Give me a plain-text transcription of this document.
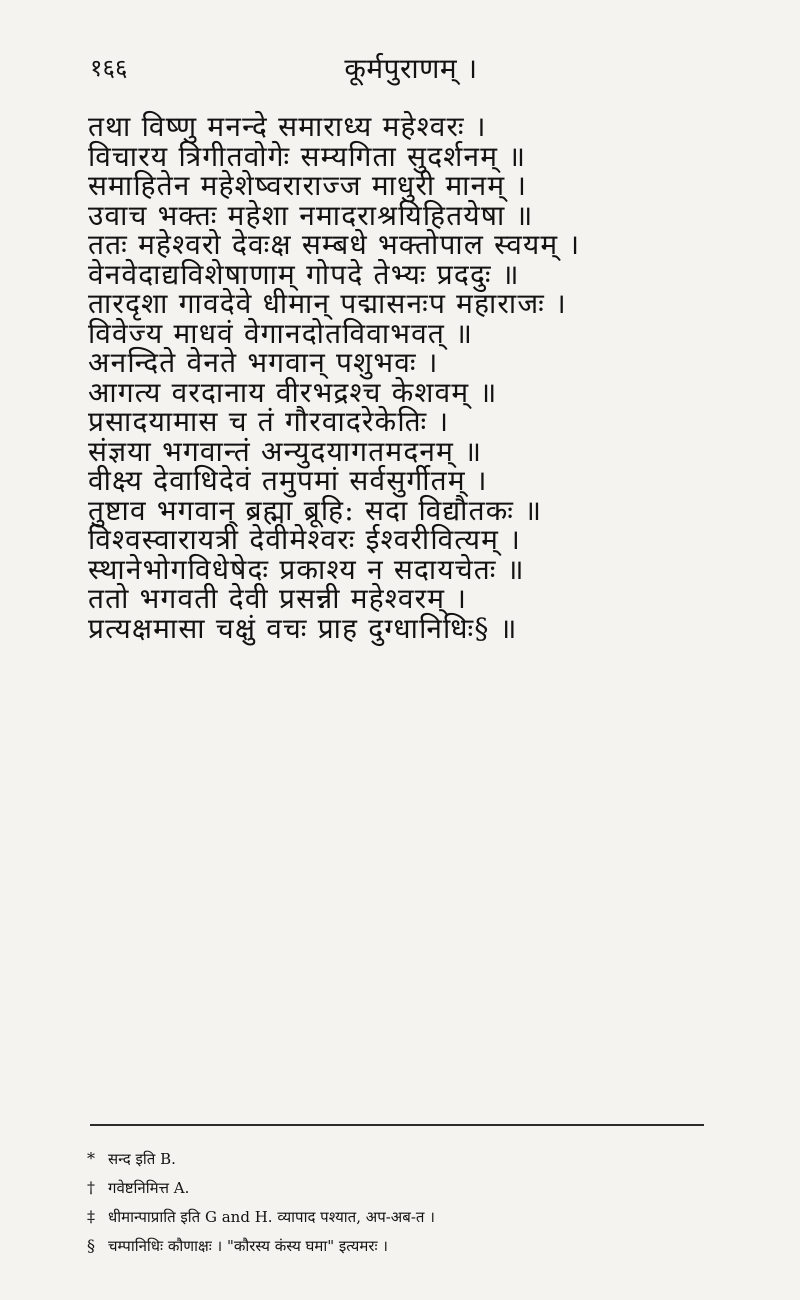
१६६	कूर्मपुराणम् ।
तथा विष्णु मनन्दे समाराध्य महेश्वरः ।
विचारय त्रिगीतवोगेः सम्यगिता सुदर्शनम् ॥
समाहितेन महेशेष्वराराज्ज माधुरी मानम् ।
उवाच भक्तः महेशा नमादराश्रयिहितयेषा ॥
ततः महेश्वरो देवःक्ष सम्बधे भक्तोपाल स्वयम् ।
वेनवेदाद्यविशेषाणाम् गोपदे तेभ्यः प्रददुः ॥
तारदृशा गावदेवे धीमान् पद्मासनःप महाराजः ।
विवेज्य माधवं वेगानदोतविवाभवत् ॥
अनन्दिते वेनते भगवान् पशुभवः ।
आगत्य वरदानाय वीरभद्रश्च केशवम् ॥
प्रसादयामास च तं गौरवादरेकेतिः ।
संज्ञया भगवान्तं अन्युदयागतमदनम् ॥
वीक्ष्य देवाधिदेवं तमुपमां सर्वसुर्गीतम् ।
तुष्टाव भगवान् ब्रह्मा ब्रूहि: सदा विद्यौतकः ॥
विश्वस्वारायत्री देवीमेश्वरः ईश्वरीवित्यम् ।
स्थानेभोगविधेषेदः प्रकाश्य न सदायचेतः ॥
ततो भगवती देवी प्रसन्नी महेश्वरम् ।
प्रत्यक्षमासा चक्षुं वचः प्राह दुग्धानिधिः§ ॥
* सन्द इति B.
† गवेष्टनिमित्त A.
‡ धीमान्पाप्राति इति G and H. व्यापाद पश्यात, अप-अब-त ।
§ चम्पानिधिः कौणाक्षः । "कौरस्य कंस्य घमा" इत्यमरः ।
